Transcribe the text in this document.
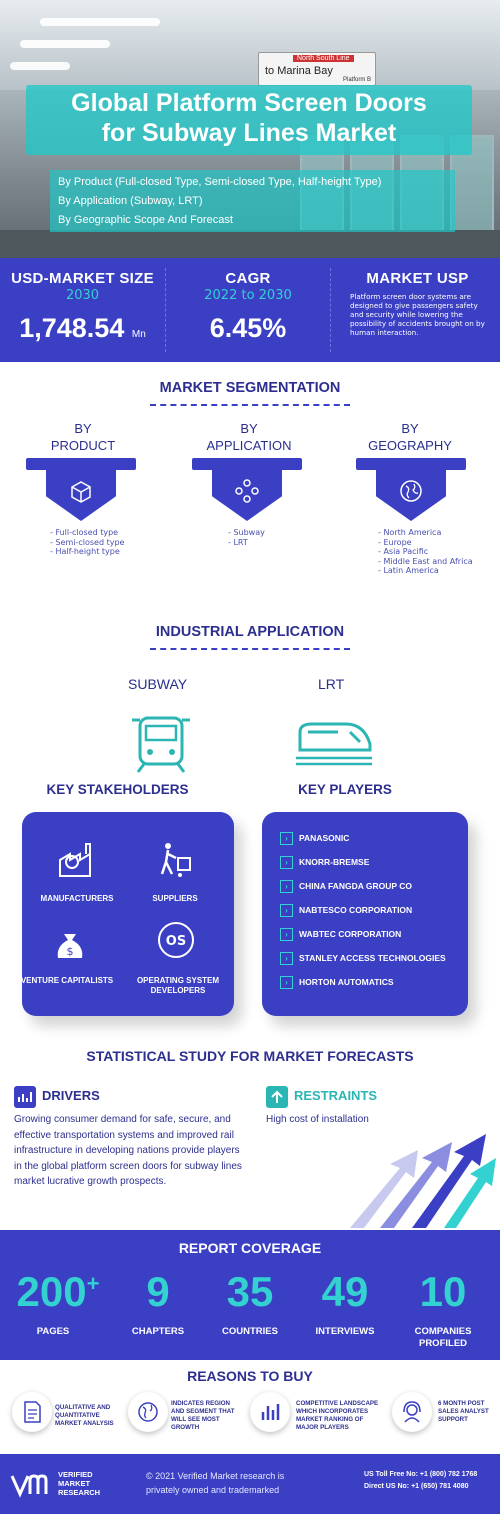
North South Line
to Marina Bay
Platform B
Global Platform Screen Doors
for Subway Lines Market
By Product (Full-closed Type, Semi-closed Type, Half-height Type)
By Application (Subway, LRT)
By Geographic Scope And Forecast
USD-MARKET SIZE
2030
1,748.54 Mn
CAGR
2022 to 2030
6.45%
MARKET USP
Platform screen door systems are designed to give passengers safety and security while lowering the possibility of accidents brought on by human interaction.
MARKET SEGMENTATION
BY
PRODUCT
BY
APPLICATION
BY
GEOGRAPHY
- Full-closed type
- Semi-closed type
- Half-height type
- Subway
- LRT
- North America
- Europe
- Asia Pacific
- Middle East and Africa
- Latin America
INDUSTRIAL APPLICATION
SUBWAY	LRT
KEY STAKEHOLDERS	KEY PLAYERS
MANUFACTURERS	SUPPLIERS
$
VENTURE CAPITALISTS
OS
OPERATING SYSTEM DEVELOPERS
› PANASONIC
› KNORR-BREMSE
› CHINA FANGDA GROUP CO
› NABTESCO CORPORATION
› WABTEC CORPORATION
› STANLEY ACCESS TECHNOLOGIES
› HORTON AUTOMATICS
STATISTICAL STUDY FOR MARKET FORECASTS
DRIVERS
Growing consumer demand for safe, secure, and effective transportation systems and improved rail infrastructure in developing nations provide players in the global platform screen doors for subway lines market lucrative growth prospects.
RESTRAINTS
High cost of installation
REPORT COVERAGE
200+
PAGES
9
CHAPTERS
35
COUNTRIES
49
INTERVIEWS
10
COMPANIES PROFILED
REASONS TO BUY
QUALITATIVE AND QUANTITATIVE MARKET ANALYSIS
INDICATES REGION AND SEGMENT THAT WILL SEE MOST GROWTH
COMPETITIVE LANDSCAPE WHICH INCORPORATES MARKET RANKING OF MAJOR PLAYERS
6 MONTH POST SALES ANALYST SUPPORT
VERIFIED
MARKET
RESEARCH
© 2021 Verified Market research is
privately owned and trademarked
US Toll Free No: +1 (800) 782 1768
Direct US No: +1 (650) 781 4080
